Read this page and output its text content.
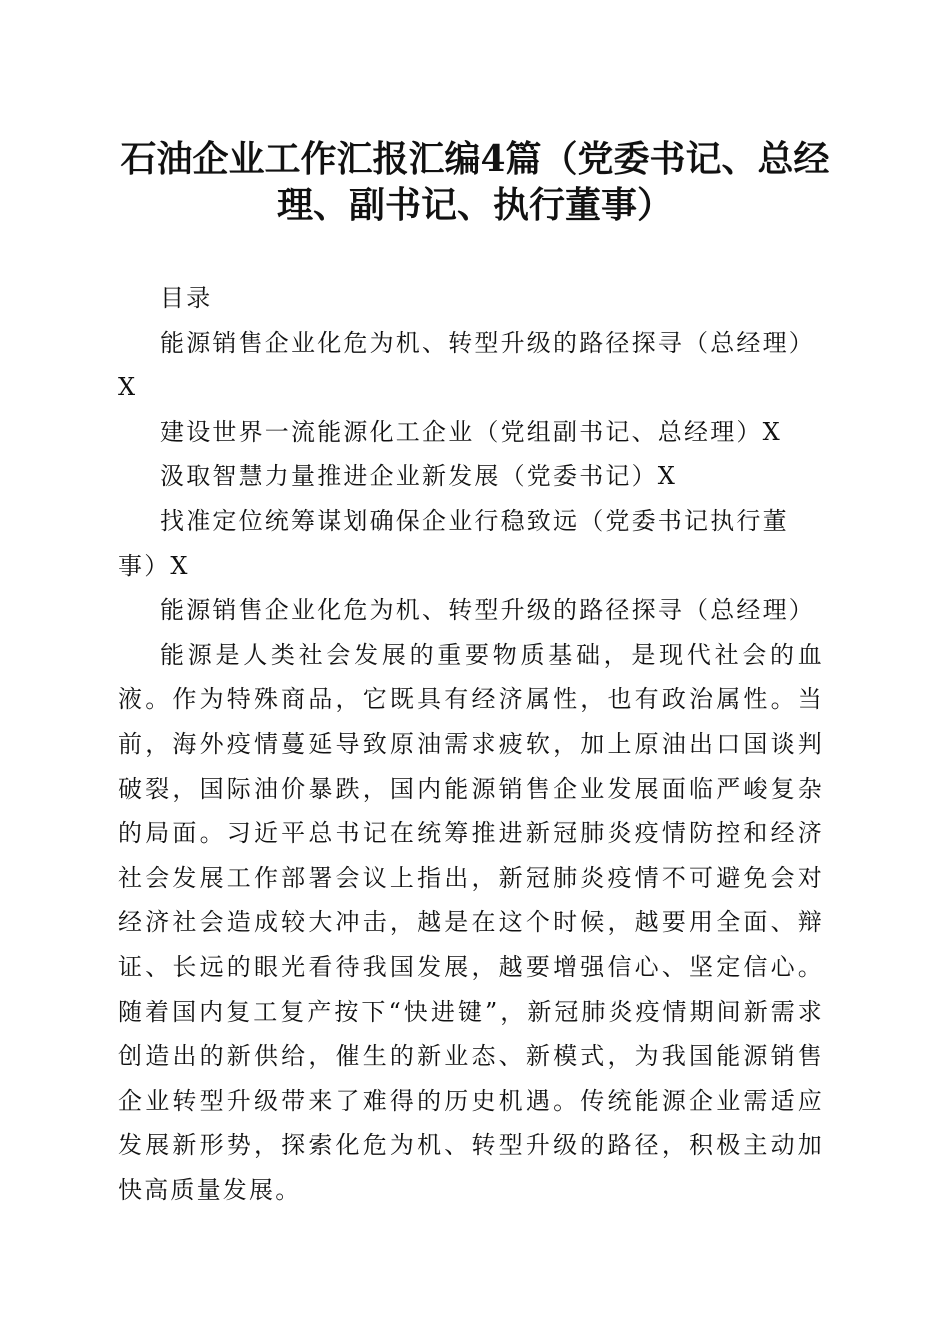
石油企业工作汇报汇编4篇（党委书记、总经理、副书记、执行董事）

目录

能源销售企业化危为机、转型升级的路径探寻（总经理）X

建设世界一流能源化工企业（党组副书记、总经理）X

汲取智慧力量推进企业新发展（党委书记）X

找准定位统筹谋划确保企业行稳致远（党委书记执行董事）X

能源销售企业化危为机、转型升级的路径探寻（总经理）

能源是人类社会发展的重要物质基础，是现代社会的血液。作为特殊商品，它既具有经济属性，也有政治属性。当前，海外疫情蔓延导致原油需求疲软，加上原油出口国谈判破裂，国际油价暴跌，国内能源销售企业发展面临严峻复杂的局面。习近平总书记在统筹推进新冠肺炎疫情防控和经济社会发展工作部署会议上指出，新冠肺炎疫情不可避免会对经济社会造成较大冲击，越是在这个时候，越要用全面、辩证、长远的眼光看待我国发展，越要增强信心、坚定信心。随着国内复工复产按下“快进键”，新冠肺炎疫情期间新需求创造出的新供给，催生的新业态、新模式，为我国能源销售企业转型升级带来了难得的历史机遇。传统能源企业需适应发展新形势，探索化危为机、转型升级的路径，积极主动加快高质量发展。
